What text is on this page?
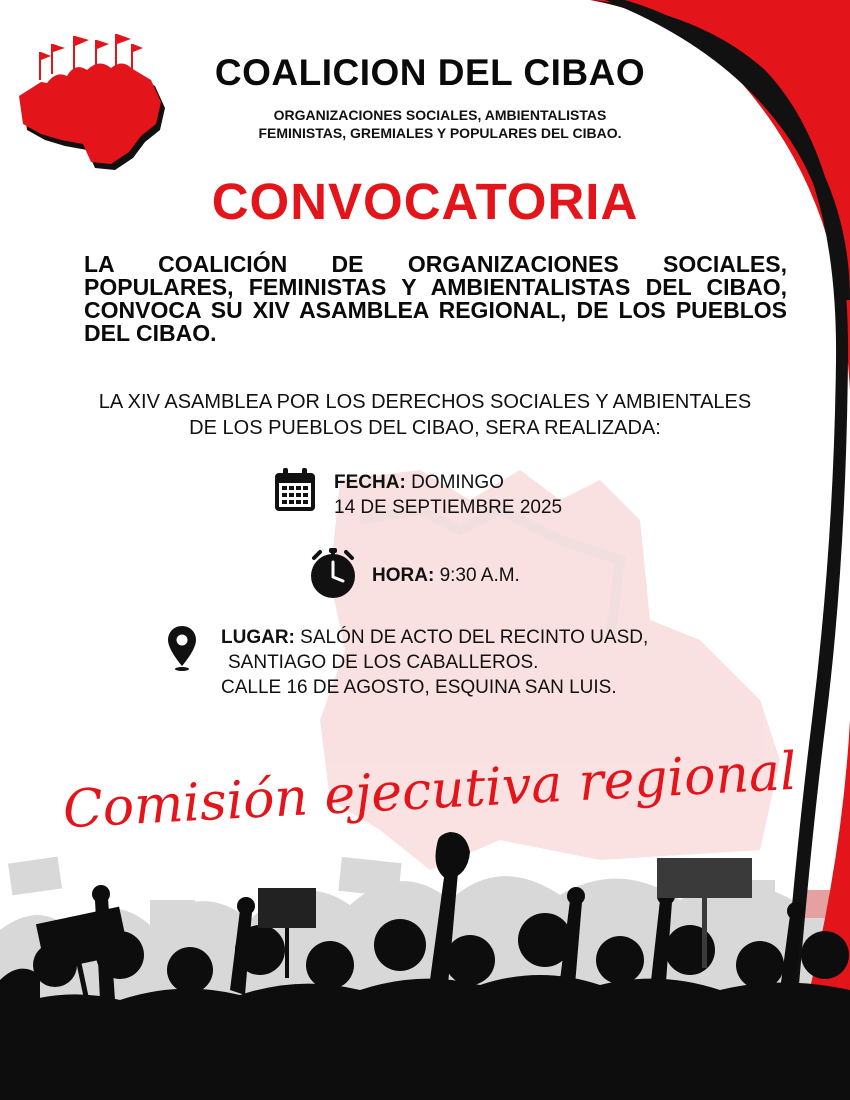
COALICION DEL CIBAO
ORGANIZACIONES SOCIALES, AMBIENTALISTAS
FEMINISTAS, GREMIALES Y POPULARES DEL CIBAO.
CONVOCATORIA
LA COALICIÓN DE ORGANIZACIONES SOCIALES, POPULARES, FEMINISTAS Y AMBIENTALISTAS DEL CIBAO, CONVOCA SU XIV ASAMBLEA REGIONAL, DE LOS PUEBLOS DEL CIBAO.
LA XIV ASAMBLEA POR LOS DERECHOS SOCIALES Y AMBIENTALES
DE LOS PUEBLOS DEL CIBAO, SERA REALIZADA:
FECHA: DOMINGO
14 DE SEPTIEMBRE 2025
HORA: 9:30 A.M.
LUGAR: SALÓN DE ACTO DEL RECINTO UASD,
SANTIAGO DE LOS CABALLEROS.
CALLE 16 DE AGOSTO, ESQUINA SAN LUIS.
Comisión ejecutiva regional
